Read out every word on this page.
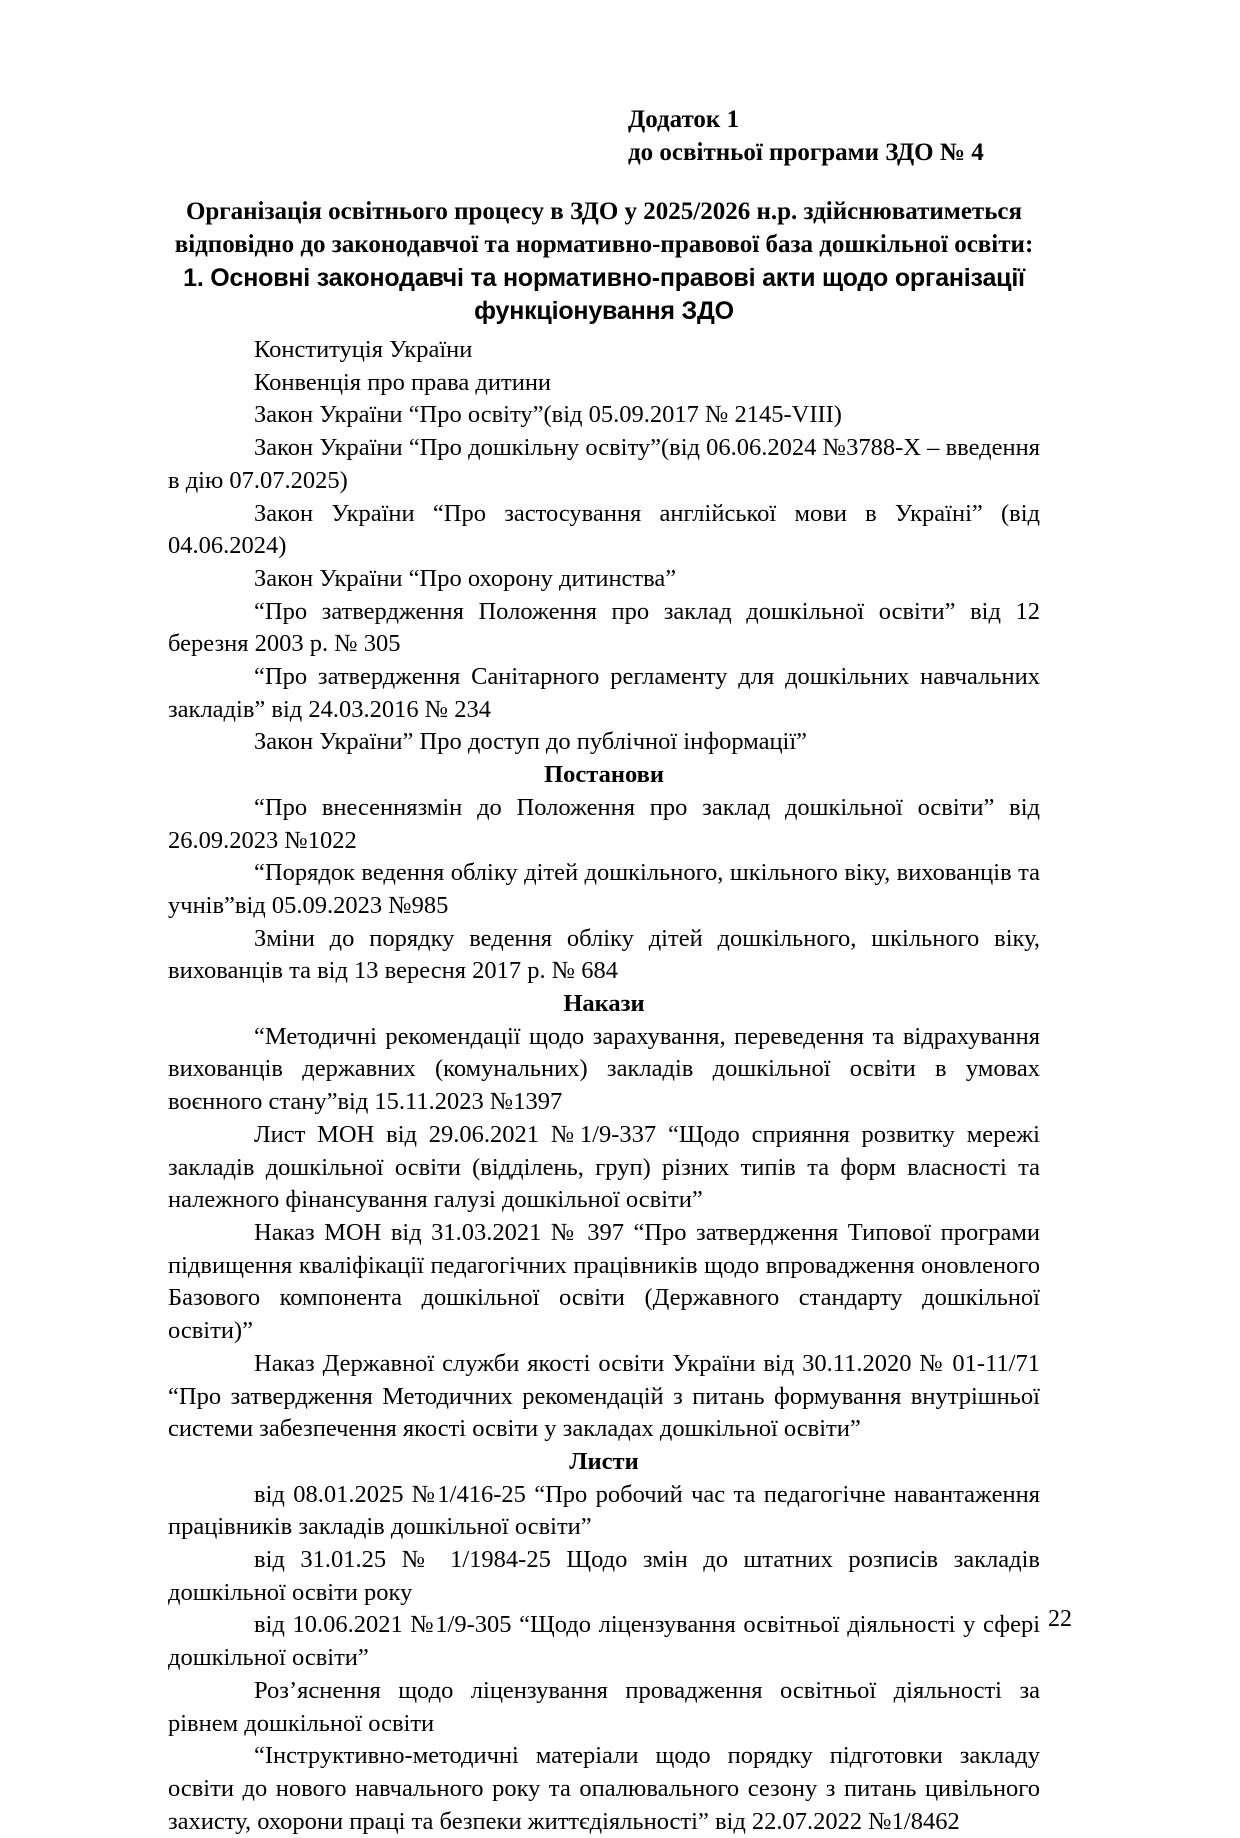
Додаток 1
до освітньої програми ЗДО № 4
Організація освітнього процесу в ЗДО у 2025/2026 н.р. здійснюватиметься
відповідно до законодавчої та нормативно-правової база дошкільної освіти:
1. Основні законодавчі та нормативно-правові акти щодо організації
функціонування ЗДО

Конституція України

Конвенція про права дитини

Закон України “Про освіту”(від 05.09.2017 № 2145-VIII)

Закон України “Про дошкільну освіту”(від 06.06.2024 №3788-X – введення в дію 07.07.2025)

Закон України “Про застосування англійської мови в Україні” (від 04.06.2024)

Закон України “Про охорону дитинства”

“Про затвердження Положення про заклад дошкільної освіти” від 12 березня 2003 р. № 305

“Про затвердження Санітарного регламенту для дошкільних навчальних закладів” від 24.03.2016 № 234

Закон України” Про доступ до публічної інформації”

Постанови

“Про внесеннязмін до Положення про заклад дошкільної освіти” від 26.09.2023 №1022

“Порядок ведення обліку дітей дошкільного, шкільного віку, вихованців та учнів”від 05.09.2023 №985

Зміни до порядку ведення обліку дітей дошкільного, шкільного віку, вихованців та від 13 вересня 2017 р. № 684

Накази

“Методичні рекомендації щодо зарахування, переведення та відрахування вихованців державних (комунальних) закладів дошкільної освіти в умовах воєнного стану”від 15.11.2023 №1397

Лист МОН від 29.06.2021 №1/9-337 “Щодо сприяння розвитку мережі закладів дошкільної освіти (відділень, груп) різних типів та форм власності та належного фінансування галузі дошкільної освіти”

Наказ МОН від 31.03.2021 № 397 “Про затвердження Типової програми підвищення кваліфікації педагогічних працівників щодо впровадження оновленого Базового компонента дошкільної освіти (Державного стандарту дошкільної освіти)”

Наказ Державної служби якості освіти України від 30.11.2020 № 01-11/71 “Про затвердження Методичних рекомендацій з питань формування внутрішньої системи забезпечення якості освіти у закладах дошкільної освіти”

Листи

від 08.01.2025 №1/416-25 “Про робочий час та педагогічне навантаження працівників закладів дошкільної освіти”

від 31.01.25 № 1/1984-25 Щодо змін до штатних розписів закладів дошкільної освіти року

від 10.06.2021 №1/9-305 “Щодо ліцензування освітньої діяльності у сфері дошкільної освіти”

Роз’яснення щодо ліцензування провадження освітньої діяльності за рівнем дошкільної освіти

“Інструктивно-методичні матеріали щодо порядку підготовки закладу освіти до нового навчального року та опалювального сезону з питань цивільного захисту, охорони праці та безпеки життєдіяльності” від 22.07.2022 №1/8462

22
